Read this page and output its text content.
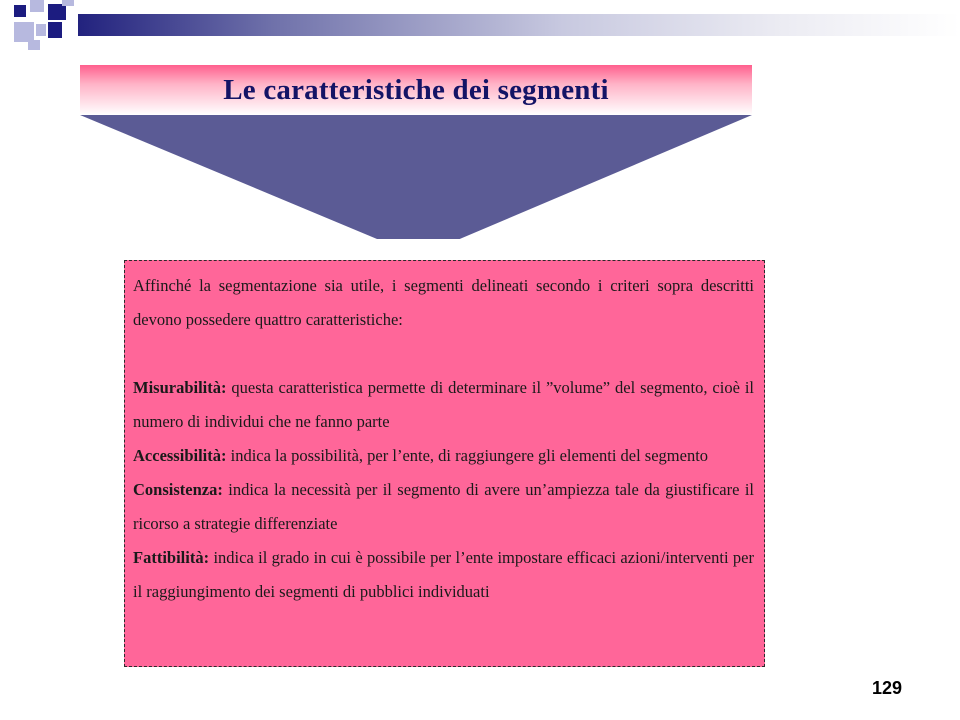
Le caratteristiche dei segmenti

Affinché la segmentazione sia utile, i segmenti delineati secondo i criteri sopra descritti devono possedere quattro caratteristiche:

Misurabilità: questa caratteristica permette di determinare il ”volume” del segmento, cioè il numero di individui che ne fanno parte

Accessibilità: indica la possibilità, per l’ente, di raggiungere gli elementi del segmento

Consistenza: indica la necessità per il segmento di avere un’ampiezza tale da giustificare il ricorso a strategie differenziate

Fattibilità: indica il grado in cui è possibile per l’ente impostare efficaci azioni/interventi per il raggiungimento dei segmenti di pubblici individuati

129
